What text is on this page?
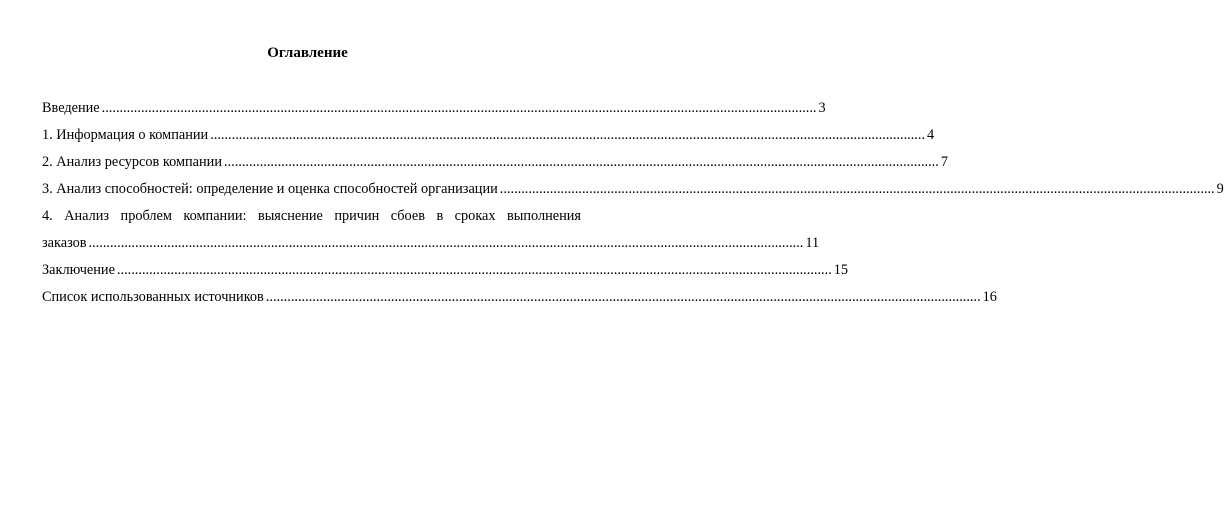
Оглавление
Введение ........................................................................................................................................................................................................ 3
1. Информация о компании ........................................................................................................................................................................................................ 4
2. Анализ ресурсов компании ........................................................................................................................................................................................................ 7
3. Анализ способностей: определение и оценка способностей организации ........................................................................................................................................................................................................ 9
4. Анализ проблем компании: выяснение причин сбоев в сроках выполнения
заказов ........................................................................................................................................................................................................ 11
Заключение ........................................................................................................................................................................................................ 15
Список использованных источников ........................................................................................................................................................................................................ 16
